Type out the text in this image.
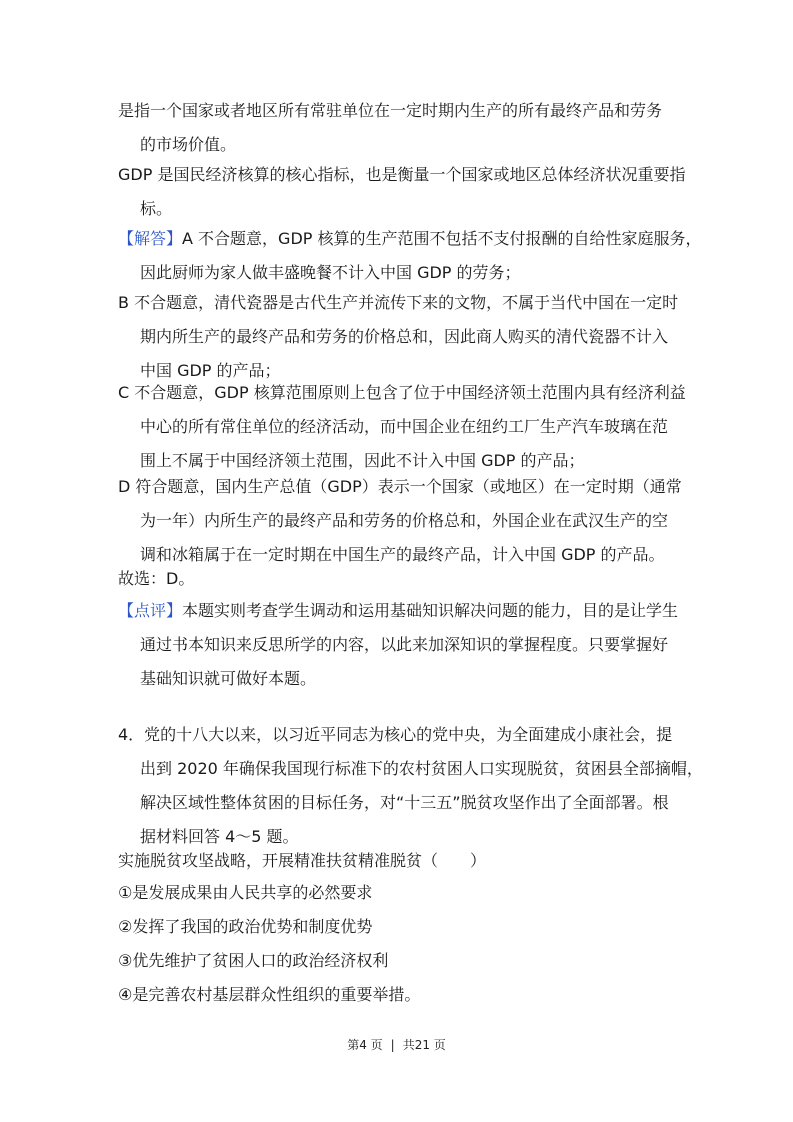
是指一个国家或者地区所有常驻单位在一定时期内生产的所有最终产品和劳务
的市场价值。
GDP 是国民经济核算的核心指标，也是衡量一个国家或地区总体经济状况重要指
标。
【解答】A 不合题意，GDP 核算的生产范围不包括不支付报酬的自给性家庭服务，
因此厨师为家人做丰盛晚餐不计入中国 GDP 的劳务；
B 不合题意，清代瓷器是古代生产并流传下来的文物，不属于当代中国在一定时
期内所生产的最终产品和劳务的价格总和，因此商人购买的清代瓷器不计入
中国 GDP 的产品；
C 不合题意，GDP 核算范围原则上包含了位于中国经济领土范围内具有经济利益
中心的所有常住单位的经济活动，而中国企业在纽约工厂生产汽车玻璃在范
围上不属于中国经济领土范围，因此不计入中国 GDP 的产品；
D 符合题意，国内生产总值（GDP）表示一个国家（或地区）在一定时期（通常
为一年）内所生产的最终产品和劳务的价格总和，外国企业在武汉生产的空
调和冰箱属于在一定时期在中国生产的最终产品，计入中国 GDP 的产品。
故选：D。
【点评】本题实则考查学生调动和运用基础知识解决问题的能力，目的是让学生
通过书本知识来反思所学的内容，以此来加深知识的掌握程度。只要掌握好
基础知识就可做好本题。
4．党的十八大以来，以习近平同志为核心的党中央，为全面建成小康社会，提
出到 2020 年确保我国现行标准下的农村贫困人口实现脱贫，贫困县全部摘帽，
解决区域性整体贫困的目标任务，对“十三五”脱贫攻坚作出了全面部署。根
据材料回答 4～5 题。
实施脱贫攻坚战略，开展精准扶贫精准脱贫（　　）
①是发展成果由人民共享的必然要求
②发挥了我国的政治优势和制度优势
③优先维护了贫困人口的政治经济权利
④是完善农村基层群众性组织的重要举措。
第4 页 | 共21 页
